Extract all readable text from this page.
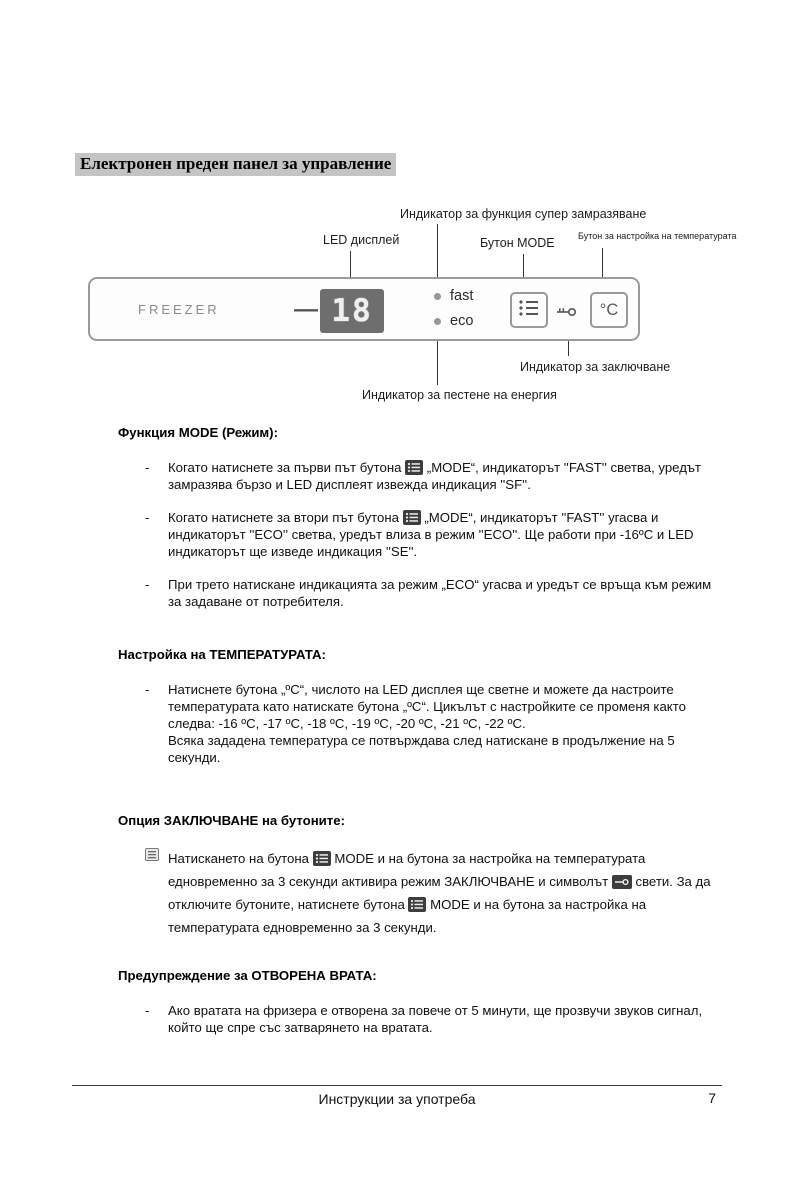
Електронен преден панел за управление
Индикатор за функция супер замразяване
LED дисплей	Бутон MODE	Бутон за настройка на температурата
FREEZER	— 18	fast
eco
°C
Индикатор за заключване
Индикатор за пестене на енергия
Функция MODE (Режим):
-	Когато натиснете за първи път бутона „MODE“, индикаторът ''FAST'' светва, уредът замразява бързо и LED дисплеят извежда индикация ''SF''.

-	Когато натиснете за втори път бутона „MODE“, индикаторът ''FAST'' угасва и индикаторът ''ECO'' светва, уредът влиза в режим ''ECO''. Ще работи при -16ºC и LED индикаторът ще изведе индикация ''SE''.

-	При трето натискане индикацията за режим „ECO“ угасва и уредът се връща към режим за задаване от потребителя.

Настройка на ТЕМПЕРАТУРАТА:
-	Натиснете бутона „ºC“, числото на LED дисплея ще светне и можете да настроите температурата като натискате бутона „ºC“. Цикълът с настройките се променя както следва: -16 ºC, -17 ºC, -18 ºC, -19 ºC, -20 ºC, -21 ºC, -22 ºC.
Всяка зададена температура се потвърждава след натискане в продължение на 5 секунди.

Опция ЗАКЛЮЧВАНЕ на бутоните:

Натискането на бутона MODE и на бутона за настройка на температурата едновременно за 3 секунди активира режим ЗАКЛЮЧВАНЕ и символът свети. За да отключите бутоните, натиснете бутона MODE и на бутона за настройка на температурата едновременно за 3 секунди.

Предупреждение за ОТВОРЕНА ВРАТА:
-	Ако вратата на фризера е отворена за повече от 5 минути, ще прозвучи звуков сигнал, който ще спре със затварянето на вратата.

Инструкции за употреба	7
